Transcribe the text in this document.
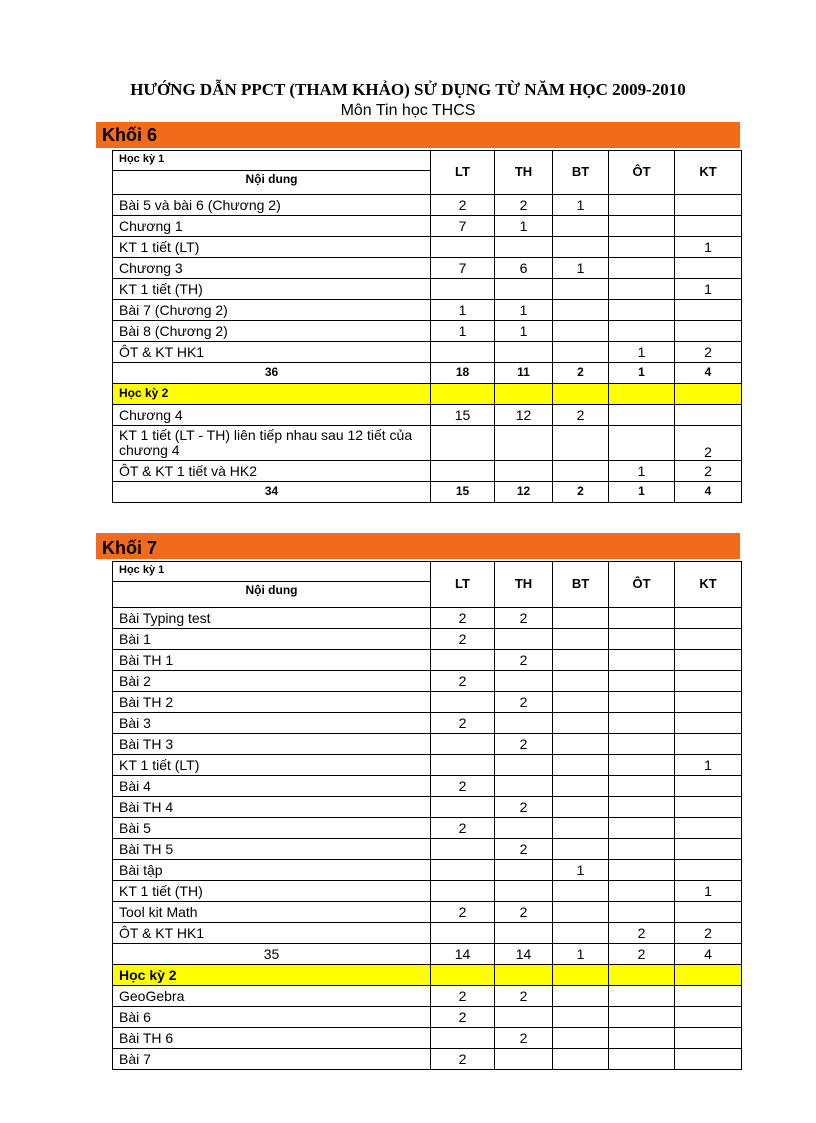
HƯỚNG DẪN PPCT (THAM KHẢO) SỬ DỤNG TỪ NĂM HỌC 2009-2010
Môn Tin học THCS
Khối 6
Học kỳ 1
Nội dung	LT	TH	BT	ÔT	KT
Bài 5 và bài 6 (Chương 2)	2	2	1		
Chương 1	7	1			
KT 1 tiết (LT)					1
Chương 3	7	6	1		
KT 1 tiết (TH)					1
Bài 7 (Chương 2)	1	1			
Bài 8 (Chương 2)	1	1			
ÔT & KT HK1				1	2
36	18	11	2	1	4
Học kỳ 2					
Chương 4	15	12	2		
KT 1 tiết (LT - TH) liên tiếp nhau sau 12 tiết của chương 4					2
ÔT & KT 1 tiết và HK2				1	2
34	15	12	2	1	4
Khối 7
Học kỳ 1
Nội dung	LT	TH	BT	ÔT	KT
Bài Typing test	2	2			
Bài 1	2				
Bài TH 1		2			
Bài 2	2				
Bài TH 2		2			
Bài 3	2				
Bài TH 3		2			
KT 1 tiết (LT)					1
Bài 4	2				
Bài TH 4		2			
Bài 5	2				
Bài TH 5		2			
Bài tập			1		
KT 1 tiết (TH)					1
Tool kit Math	2	2			
ÔT & KT HK1				2	2
35	14	14	1	2	4
Học kỳ 2					
GeoGebra	2	2			
Bài 6	2				
Bài TH 6		2			
Bài 7	2				
